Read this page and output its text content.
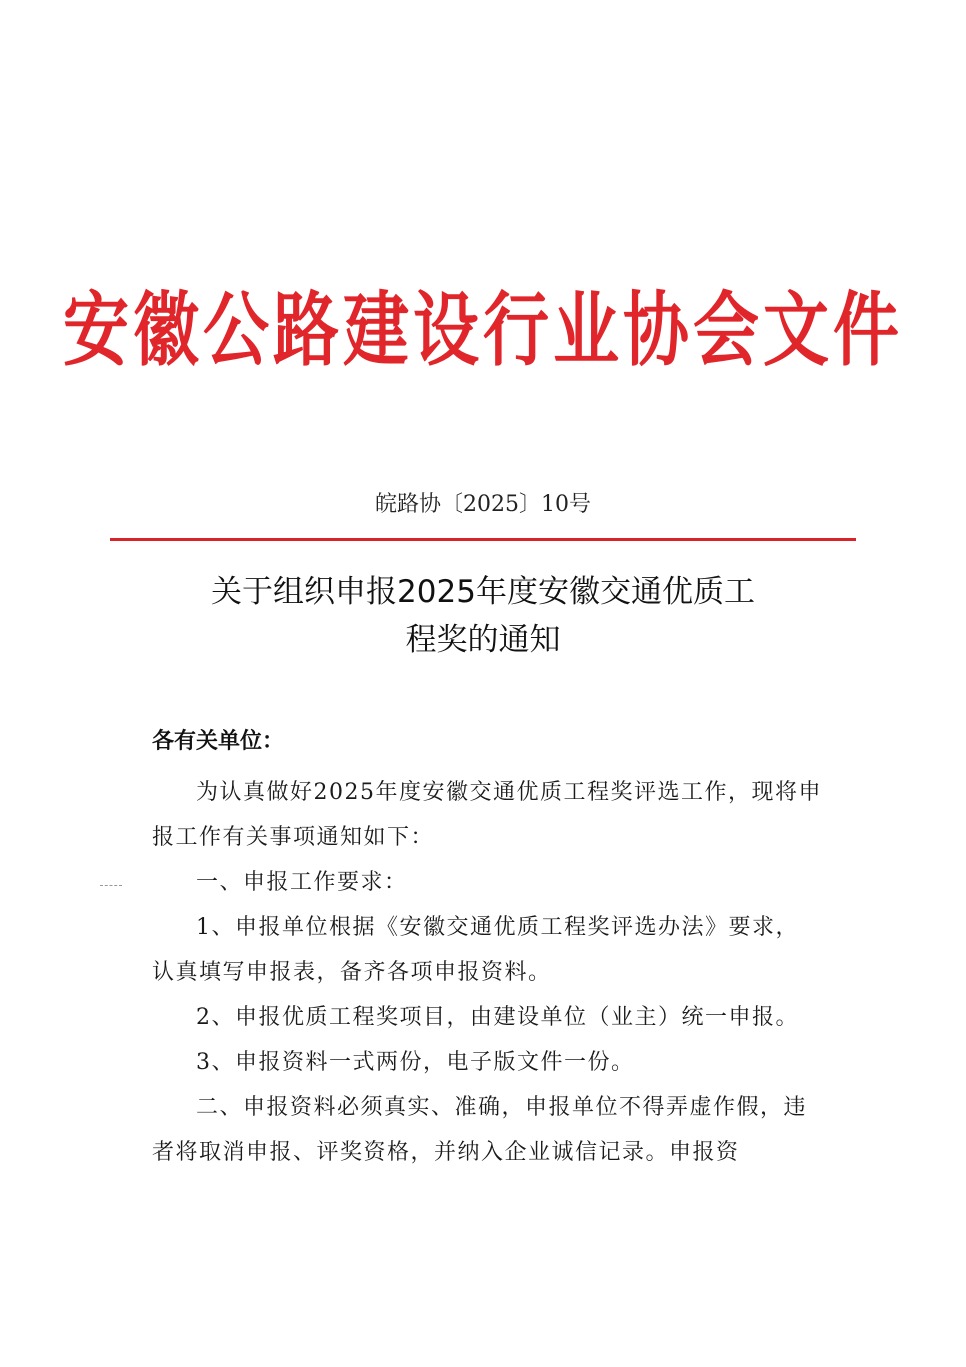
安徽公路建设行业协会文件
皖路协〔2025〕10号
关于组织申报2025年度安徽交通优质工
程奖的通知
各有关单位：

为认真做好2025年度安徽交通优质工程奖评选工作，现将申报工作有关事项通知如下：

一、申报工作要求：

1、申报单位根据《安徽交通优质工程奖评选办法》要求，认真填写申报表，备齐各项申报资料。

2、申报优质工程奖项目，由建设单位（业主）统一申报。

3、申报资料一式两份，电子版文件一份。

二、申报资料必须真实、准确，申报单位不得弄虚作假，违者将取消申报、评奖资格，并纳入企业诚信记录。申报资
